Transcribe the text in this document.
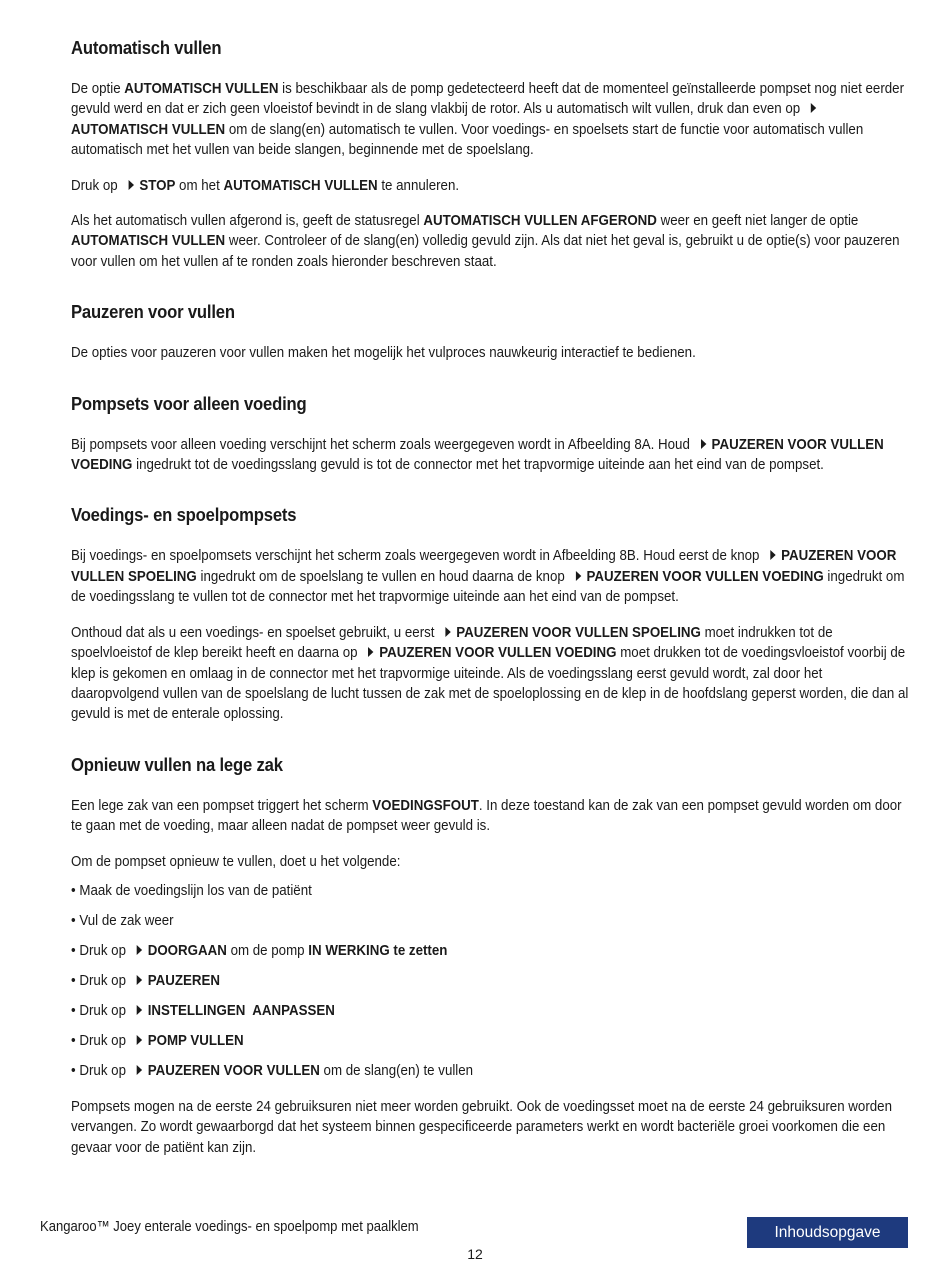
Automatisch vullen

De optie AUTOMATISCH VULLEN is beschikbaar als de pomp gedetecteerd heeft dat de momenteel geïnstalleerde pompset nog niet eerder gevuld werd en dat er zich geen vloeistof bevindt in de slang vlakbij de rotor. Als u automatisch wilt vullen, druk dan even op AUTOMATISCH VULLEN om de slang(en) automatisch te vullen. Voor voedings- en spoelsets start de functie voor automatisch vullen automatisch met het vullen van beide slangen, beginnende met de spoelslang.

Druk op STOP om het AUTOMATISCH VULLEN te annuleren.

Als het automatisch vullen afgerond is, geeft de statusregel AUTOMATISCH VULLEN AFGEROND weer en geeft niet langer de optie AUTOMATISCH VULLEN weer. Controleer of de slang(en) volledig gevuld zijn. Als dat niet het geval is, gebruikt u de optie(s) voor pauzeren voor vullen om het vullen af te ronden zoals hieronder beschreven staat.

Pauzeren voor vullen

De opties voor pauzeren voor vullen maken het mogelijk het vulproces nauwkeurig interactief te bedienen.

Pompsets voor alleen voeding

Bij pompsets voor alleen voeding verschijnt het scherm zoals weergegeven wordt in Afbeelding 8A. Houd PAUZEREN VOOR VULLEN VOEDING ingedrukt tot de voedingsslang gevuld is tot de connector met het trapvormige uiteinde aan het eind van de pompset.

Voedings- en spoelpompsets

Bij voedings- en spoelpomsets verschijnt het scherm zoals weergegeven wordt in Afbeelding 8B. Houd eerst de knop PAUZEREN VOOR VULLEN SPOELING ingedrukt om de spoelslang te vullen en houd daarna de knop PAUZEREN VOOR VULLEN VOEDING ingedrukt om de voedingsslang te vullen tot de connector met het trapvormige uiteinde aan het eind van de pompset.

Onthoud dat als u een voedings- en spoelset gebruikt, u eerst PAUZEREN VOOR VULLEN SPOELING moet indrukken tot de spoelvloeistof de klep bereikt heeft en daarna op PAUZEREN VOOR VULLEN VOEDING moet drukken tot de voedingsvloeistof voorbij de klep is gekomen en omlaag in de connector met het trapvormige uiteinde. Als de voedingsslang eerst gevuld wordt, zal door het daaropvolgend vullen van de spoelslang de lucht tussen de zak met de spoeloplossing en de klep in de hoofdslang geperst worden, die dan al gevuld is met de enterale oplossing.

Opnieuw vullen na lege zak

Een lege zak van een pompset triggert het scherm VOEDINGSFOUT. In deze toestand kan de zak van een pompset gevuld worden om door te gaan met de voeding, maar alleen nadat de pompset weer gevuld is.

Om de pompset opnieuw te vullen, doet u het volgende:

• Maak de voedingslijn los van de patiënt

• Vul de zak weer

• Druk op DOORGAAN om de pomp IN WERKING te zetten

• Druk op PAUZEREN

• Druk op INSTELLINGEN  AANPASSEN

• Druk op POMP VULLEN

• Druk op PAUZEREN VOOR VULLEN om de slang(en) te vullen

Pompsets mogen na de eerste 24 gebruiksuren niet meer worden gebruikt. Ook de voedingsset moet na de eerste 24 gebruiksuren worden vervangen. Zo wordt gewaarborgd dat het systeem binnen gespecificeerde parameters werkt en wordt bacteriële groei voorkomen die een gevaar voor de patiënt kan zijn.

Kangaroo™ Joey enterale voedings- en spoelpomp met paalklem	Inhoudsopgave
12
